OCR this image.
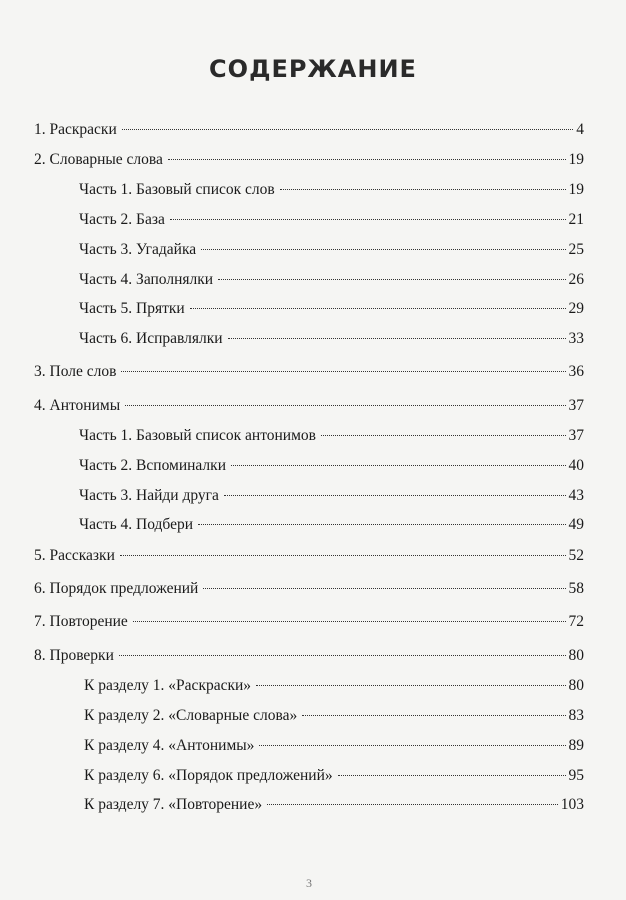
СОДЕРЖАНИЕ
1. Раскраски	4
2. Словарные слова	19
Часть 1. Базовый список слов	19
Часть 2. База	21
Часть 3. Угадайка	25
Часть 4. Заполнялки	26
Часть 5. Прятки	29
Часть 6. Исправлялки	33
3. Поле слов	36
4. Антонимы	37
Часть 1. Базовый список антонимов	37
Часть 2. Вспоминалки	40
Часть 3. Найди друга	43
Часть 4. Подбери	49
5. Рассказки	52
6. Порядок предложений	58
7. Повторение	72
8. Проверки	80
К разделу 1. «Раскраски»	80
К разделу 2. «Словарные слова»	83
К разделу 4. «Антонимы»	89
К разделу 6. «Порядок предложений»	95
К разделу 7. «Повторение»	103
3
